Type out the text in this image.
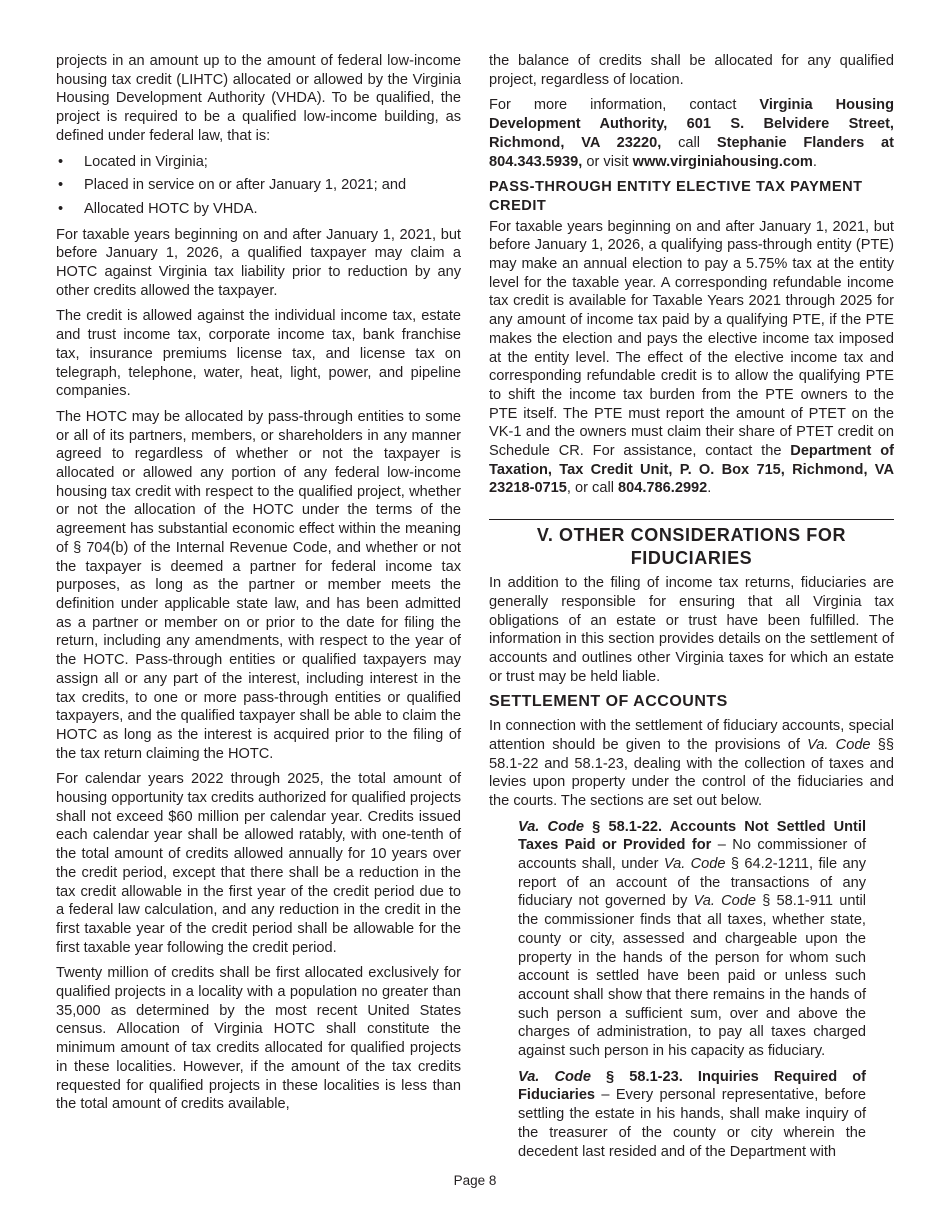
projects in an amount up to the amount of federal low-income housing tax credit (LIHTC) allocated or allowed by the Virginia Housing Development Authority (VHDA). To be qualified, the project is required to be a qualified low-income building, as defined under federal law, that is:

• Located in Virginia;
• Placed in service on or after January 1, 2021; and
• Allocated HOTC by VHDA.

For taxable years beginning on and after January 1, 2021, but before January 1, 2026, a qualified taxpayer may claim a HOTC against Virginia tax liability prior to reduction by any other credits allowed the taxpayer.

The credit is allowed against the individual income tax, estate and trust income tax, corporate income tax, bank franchise tax, insurance premiums license tax, and license tax on telegraph, telephone, water, heat, light, power, and pipeline companies.

The HOTC may be allocated by pass-through entities to some or all of its partners, members, or shareholders in any manner agreed to regardless of whether or not the taxpayer is allocated or allowed any portion of any federal low-income housing tax credit with respect to the qualified project, whether or not the allocation of the HOTC under the terms of the agreement has substantial economic effect within the meaning of § 704(b) of the Internal Revenue Code, and whether or not the taxpayer is deemed a partner for federal income tax purposes, as long as the partner or member meets the definition under applicable state law, and has been admitted as a partner or member on or prior to the date for filing the return, including any amendments, with respect to the year of the HOTC. Pass-through entities or qualified taxpayers may assign all or any part of the interest, including interest in the tax credits, to one or more pass-through entities or qualified taxpayers, and the qualified taxpayer shall be able to claim the HOTC as long as the interest is acquired prior to the filing of the tax return claiming the HOTC.

For calendar years 2022 through 2025, the total amount of housing opportunity tax credits authorized for qualified projects shall not exceed $60 million per calendar year. Credits issued each calendar year shall be allowed ratably, with one-tenth of the total amount of credits allowed annually for 10 years over the credit period, except that there shall be a reduction in the tax credit allowable in the first year of the credit period due to a federal law calculation, and any reduction in the credit in the first taxable year of the credit period shall be allowable for the first taxable year following the credit period.

Twenty million of credits shall be first allocated exclusively for qualified projects in a locality with a population no greater than 35,000 as determined by the most recent United States census. Allocation of Virginia HOTC shall constitute the minimum amount of tax credits allocated for qualified projects in these localities. However, if the amount of the tax credits requested for qualified projects in these localities is less than the total amount of credits available,

the balance of credits shall be allocated for any qualified project, regardless of location.

For more information, contact Virginia Housing Development Authority, 601 S. Belvidere Street, Richmond, VA 23220, call Stephanie Flanders at 804.343.5939, or visit www.virginiahousing.com.

PASS-THROUGH ENTITY ELECTIVE TAX PAYMENT CREDIT

For taxable years beginning on and after January 1, 2021, but before January 1, 2026, a qualifying pass-through entity (PTE) may make an annual election to pay a 5.75% tax at the entity level for the taxable year. A corresponding refundable income tax credit is available for Taxable Years 2021 through 2025 for any amount of income tax paid by a qualifying PTE, if the PTE makes the election and pays the elective income tax imposed at the entity level. The effect of the elective income tax and corresponding refundable credit is to allow the qualifying PTE to shift the income tax burden from the PTE owners to the PTE itself. The PTE must report the amount of PTET on the VK-1 and the owners must claim their share of PTET credit on Schedule CR. For assistance, contact the Department of Taxation, Tax Credit Unit, P. O. Box 715, Richmond, VA 23218-0715, or call 804.786.2992.

V. OTHER CONSIDERATIONS FOR FIDUCIARIES

In addition to the filing of income tax returns, fiduciaries are generally responsible for ensuring that all Virginia tax obligations of an estate or trust have been fulfilled. The information in this section provides details on the settlement of accounts and outlines other Virginia taxes for which an estate or trust may be held liable.

SETTLEMENT OF ACCOUNTS

In connection with the settlement of fiduciary accounts, special attention should be given to the provisions of Va. Code §§ 58.1-22 and 58.1-23, dealing with the collection of taxes and levies upon property under the control of the fiduciaries and the courts. The sections are set out below.

Va. Code § 58.1-22. Accounts Not Settled Until Taxes Paid or Provided for – No commissioner of accounts shall, under Va. Code § 64.2-1211, file any report of an account of the transactions of any fiduciary not governed by Va. Code § 58.1-911 until the commissioner finds that all taxes, whether state, county or city, assessed and chargeable upon the property in the hands of the person for whom such account is settled have been paid or unless such account shall show that there remains in the hands of such person a sufficient sum, over and above the charges of administration, to pay all taxes charged against such person in his capacity as fiduciary.

Va. Code § 58.1-23. Inquiries Required of Fiduciaries – Every personal representative, before settling the estate in his hands, shall make inquiry of the treasurer of the county or city wherein the decedent last resided and of the Department with

Page 8
